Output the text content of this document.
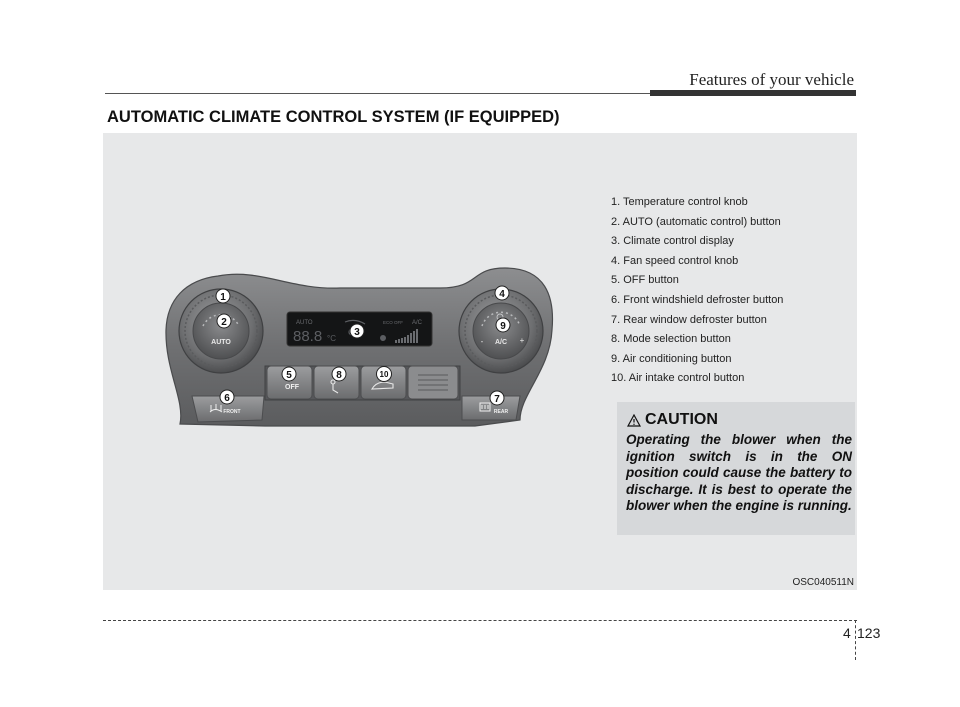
Features of your vehicle
AUTOMATIC CLIMATE CONTROL SYSTEM (IF EQUIPPED)
AUTO
88.8 °C
ECO OFF A/C
AUTO	-	+
A/C
OFF
FRONT	REAR
1
2
3
4
5
6	7
8
9
10
1. Temperature control knob
2. AUTO (automatic control) button
3. Climate control display
4. Fan speed control knob
5. OFF button
6. Front windshield defroster button
7. Rear window defroster button
8. Mode selection button
9. Air conditioning button
10. Air intake control button
CAUTION

Operating the blower when the ignition switch is in the ON position could cause the battery to discharge. It is best to operate the blower when the engine is running.

OSC040511N
4 123
